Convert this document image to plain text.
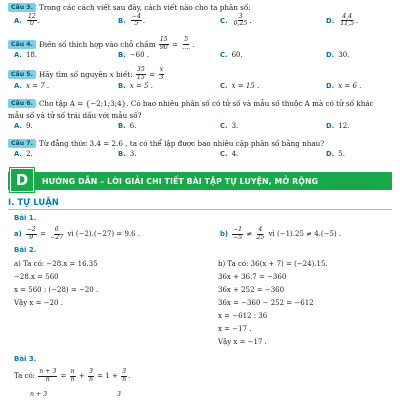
Câu 3. Trong các cách viết sau đây, cách viết nào cho ta phân số:
A. $\frac{12}{0}$ .	B. $\frac{-4}{5}$ .	C. $\frac{3}{0,25}$ .	D. $\frac{4,4}{11,5}$ .
Câu 4. Điền số thích hợp vào chỗ chấm
$\frac{15}{90} = \frac{5}{....}$ .
A. 18.	B. −60 .	C. 60.	D. 30.
Câu 5. Hãy tìm số nguyên
x
biết:
$\frac{35}{15} = \frac{x}{3}$
A. x = 7 .	B. x = 5 .	C. x = 15 .	D. x = 6 .
Câu 6. Cho tập A = {−2;1;3;4}. Có bao nhiêu phân số có tử số và mẫu số thuộc A mà có tử số khác
mẫu số và tử số trái dấu với mẫu số?
A. 9.	B. 6.	C. 3.	D. 12.
Câu 7. Từ đẳng thức 3.4 = 2.6 , ta có thể lập được bao nhiêu cặp phân số bằng nhau?
A. 2.	B. 3.	C. 4.	D. 5.
D	HƯỚNG DẪN – LỜI GIẢI CHI TIẾT BÀI TẬP TỰ LUYỆN, MỞ RỘNG
I. TỰ LUẬN
Bài 1.
$a) \frac{-2}{9}$
=
$\frac{6}{-27}$
vì (−2).(−27) = 9.6 .	$b) \frac{-1}{-5}$
≠
$\frac{4}{25}$
vì (−1).25 ≠ 4.(−5) .
Bài 2.
a) Ta có: −28.x = 16.35
−28.x = 560
x = 560 : (−28) = −20 .
Vậy x = −20 .
b) Ta có: 36(x + 7) = (−24).15.
36x + 36.7 = −360
36x + 252 = −360
36x = −360 − 252 = −612
x = −612 : 36
x = −17 .
Vậy x = −17 .
Bài 3.
Ta có:
$\frac{n + 3}{n}$
=
$\frac{n}{n}$
+
$\frac{3}{n}$
= 1 +
$\frac{3}{n}$ .
n + 3	3
